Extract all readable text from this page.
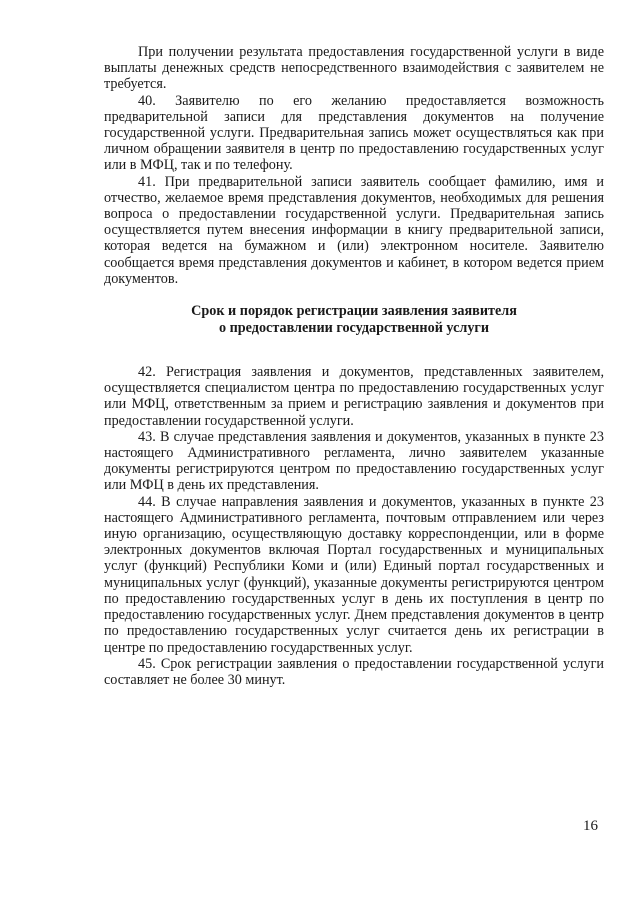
При получении результата предоставления государственной услуги в виде выплаты денежных средств непосредственного взаимодействия с заявителем не требуется.

40. Заявителю по его желанию предоставляется возможность предварительной записи для представления документов на получение государственной услуги. Предварительная запись может осуществляться как при личном обращении заявителя в центр по предоставлению государственных услуг или в МФЦ, так и по телефону.

41. При предварительной записи заявитель сообщает фамилию, имя и отчество, желаемое время представления документов, необходимых для решения вопроса о предоставлении государственной услуги. Предварительная запись осуществляется путем внесения информации в книгу предварительной записи, которая ведется на бумажном и (или) электронном носителе. Заявителю сообщается время представления документов и кабинет, в котором ведется прием документов.

Срок и порядок регистрации заявления заявителя
о предоставлении государственной услуги

42. Регистрация заявления и документов, представленных заявителем, осуществляется специалистом центра по предоставлению государственных услуг или МФЦ, ответственным за прием и регистрацию заявления и документов при предоставлении государственной услуги.

43. В случае представления заявления и документов, указанных в пункте 23 настоящего Административного регламента, лично заявителем указанные документы регистрируются центром по предоставлению государственных услуг или МФЦ в день их представления.

44. В случае направления заявления и документов, указанных в пункте 23 настоящего Административного регламента, почтовым отправлением или через иную организацию, осуществляющую доставку корреспонденции, или в форме электронных документов включая Портал государственных и муниципальных услуг (функций) Республики Коми и (или) Единый портал государственных и муниципальных услуг (функций), указанные документы регистрируются центром по предоставлению государственных услуг в день их поступления в центр по предоставлению государственных услуг. Днем представления документов в центр по предоставлению государственных услуг считается день их регистрации в центре по предоставлению государственных услуг.

45. Срок регистрации заявления о предоставлении государственной услуги составляет не более 30 минут.

16
